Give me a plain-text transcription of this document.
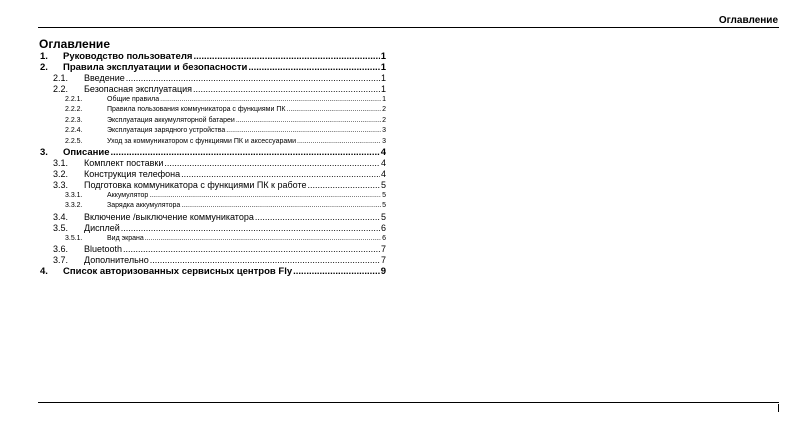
Оглавление
Оглавление
1.	Руководство пользователя .....	1
2.	Правила эксплуатации и безопасности .....	1
2.1.	Введение .....	1
2.2.	Безопасная эксплуатация .....	1
2.2.1.	Общие правила .....	1
2.2.2.	Правила пользования коммуникатора с функциями ПК .....	2
2.2.3.	Эксплуатация аккумуляторной батареи .....	2
2.2.4.	Эксплуатация зарядного устройства .....	3
2.2.5.	Уход за коммуникатором с функциями ПК и аксессуарами .....	3
3.	Описание .....	4
3.1.	Комплект поставки .....	4
3.2.	Конструкция телефона .....	4
3.3.	Подготовка коммуникатора с функциями ПК к работе .....	5
3.3.1.	Аккумулятор .....	5
3.3.2.	Зарядка аккумулятора .....	5
3.4.	Включение /выключение коммуникатора .....	5
3.5.	Дисплей .....	6
3.5.1.	Вид экрана .....	6
3.6.	Bluetooth .....	7
3.7.	Дополнительно .....	7
4.	Список авторизованных сервисных центров Fly .....	9
